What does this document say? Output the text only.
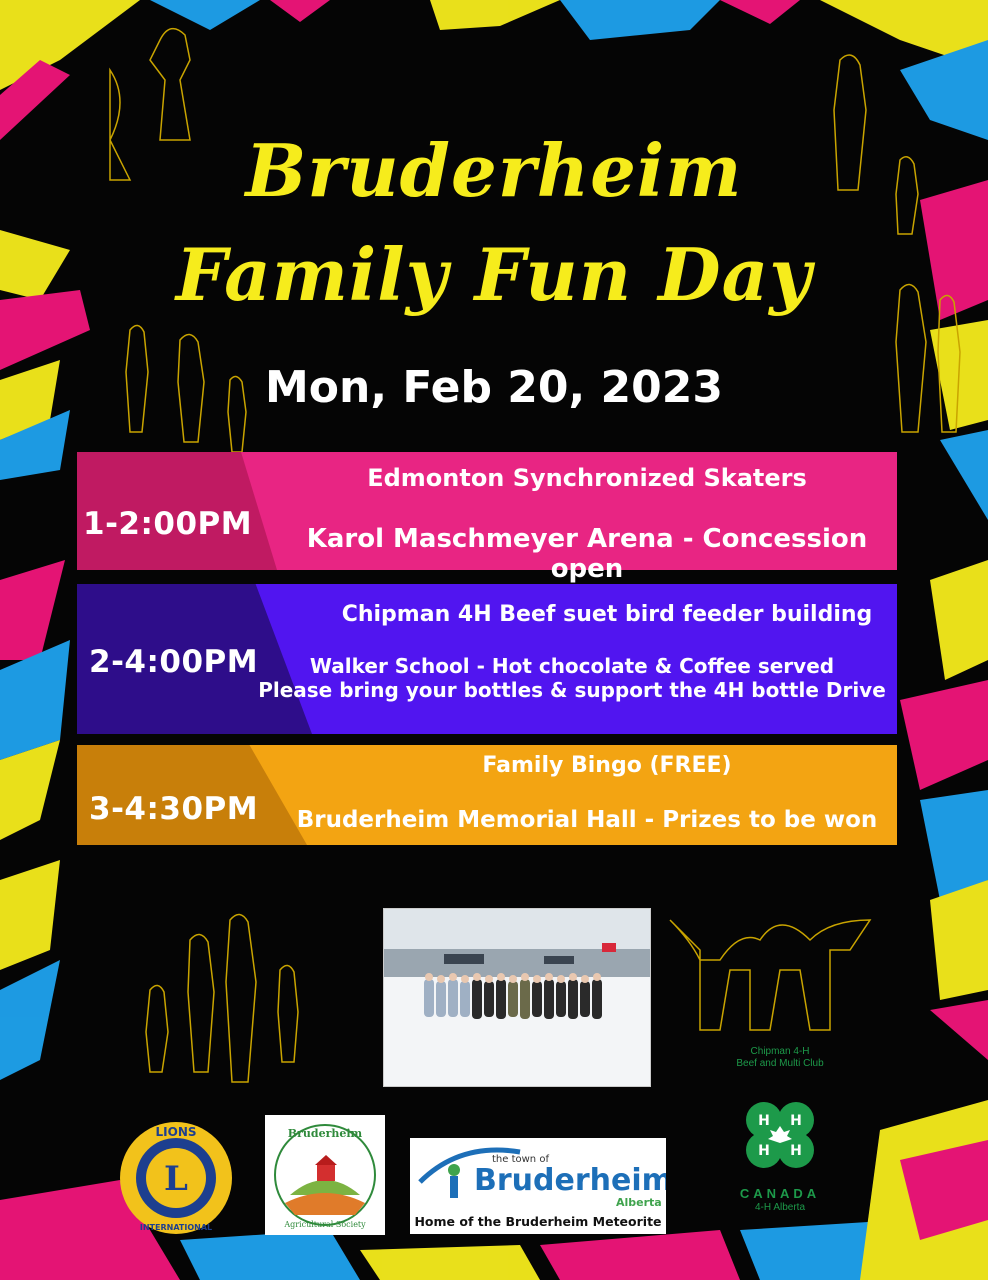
Bruderheim
Family Fun Day
Mon, Feb 20, 2023
1-2:00PM
Edmonton Synchronized Skaters
Karol Maschmeyer Arena - Concession open
2-4:00PM
Chipman 4H Beef suet bird feeder building
Walker School - Hot chocolate & Coffee served
Please bring your bottles & support the 4H bottle Drive
3-4:30PM
Family Bingo (FREE)
Bruderheim Memorial Hall - Prizes to be won
L
LIONS
INTERNATIONAL
Bruderheim
Agricultural Society
the town of
Bruderheim
Alberta
Home of the Bruderheim Meteorite
Chipman 4-H
Beef and Multi Club
H H
H H
CANADA
4-H Alberta
